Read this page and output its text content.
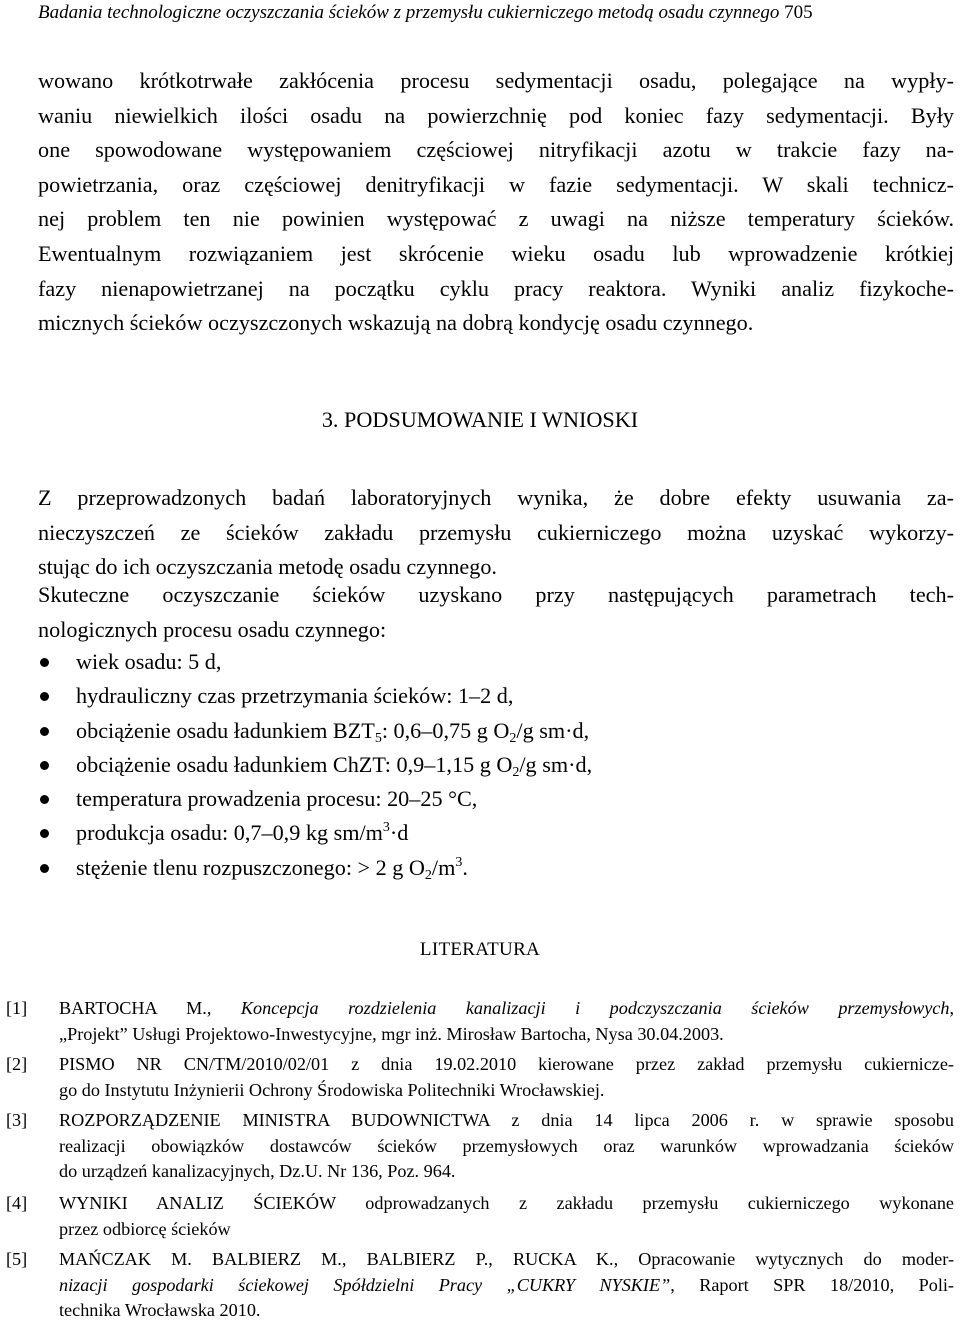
Badania technologiczne oczyszczania ścieków z przemysłu cukierniczego metodą osadu czynnego 705

wowano krótkotrwałe zakłócenia procesu sedymentacji osadu, polegające na wypły-
waniu niewielkich ilości osadu na powierzchnię pod koniec fazy sedymentacji. Były
one spowodowane występowaniem częściowej nitryfikacji azotu w trakcie fazy na-
powietrzania, oraz częściowej denitryfikacji w fazie sedymentacji. W skali technicz-
nej problem ten nie powinien występować z uwagi na niższe temperatury ścieków.
Ewentualnym rozwiązaniem jest skrócenie wieku osadu lub wprowadzenie krótkiej
fazy nienapowietrzanej na początku cyklu pracy reaktora. Wyniki analiz fizykoche-
micznych ścieków oczyszczonych wskazują na dobrą kondycję osadu czynnego.

3. PODSUMOWANIE I WNIOSKI

Z przeprowadzonych badań laboratoryjnych wynika, że dobre efekty usuwania za-
nieczyszczeń ze ścieków zakładu przemysłu cukierniczego można uzyskać wykorzy-
stując do ich oczyszczania metodę osadu czynnego.

Skuteczne oczyszczanie ścieków uzyskano przy następujących parametrach tech-
nologicznych procesu osadu czynnego:

wiek osadu: 5 d,
hydrauliczny czas przetrzymania ścieków: 1–2 d,
obciążenie osadu ładunkiem $BZT_5$: 0,6–0,75 g $O_2/g$ sm·d,
obciążenie osadu ładunkiem ChZT: 0,9–1,15 g $O_2/g$ sm·d,
temperatura prowadzenia procesu: 20–25 °C,
produkcja osadu: 0,7–0,9 kg $sm/m^3\cdot d$
stężenie tlenu rozpuszczonego: > 2 g $O_2/m^3$.
LITERATURA
[1] BARTOCHA M., Koncepcja rozdzielenia kanalizacji i podczyszczania ścieków przemysłowych,
„Projekt” Usługi Projektowo-Inwestycyjne, mgr inż. Mirosław Bartocha, Nysa 30.04.2003.
[2] PISMO NR CN/TM/2010/02/01 z dnia 19.02.2010 kierowane przez zakład przemysłu cukiernicze-
go do Instytutu Inżynierii Ochrony Środowiska Politechniki Wrocławskiej.
[3] ROZPORZĄDZENIE MINISTRA BUDOWNICTWA z dnia 14 lipca 2006 r. w sprawie sposobu
realizacji obowiązków dostawców ścieków przemysłowych oraz warunków wprowadzania ścieków
do urządzeń kanalizacyjnych, Dz.U. Nr 136, Poz. 964.
[4] WYNIKI ANALIZ ŚCIEKÓW odprowadzanych z zakładu przemysłu cukierniczego wykonane
przez odbiorcę ścieków
[5] MAŃCZAK M. BALBIERZ M., BALBIERZ P., RUCKA K., Opracowanie wytycznych do moder-
nizacji gospodarki ściekowej Spółdzielni Pracy „CUKRY NYSKIE”, Raport SPR 18/2010, Poli-
technika Wrocławska 2010.
